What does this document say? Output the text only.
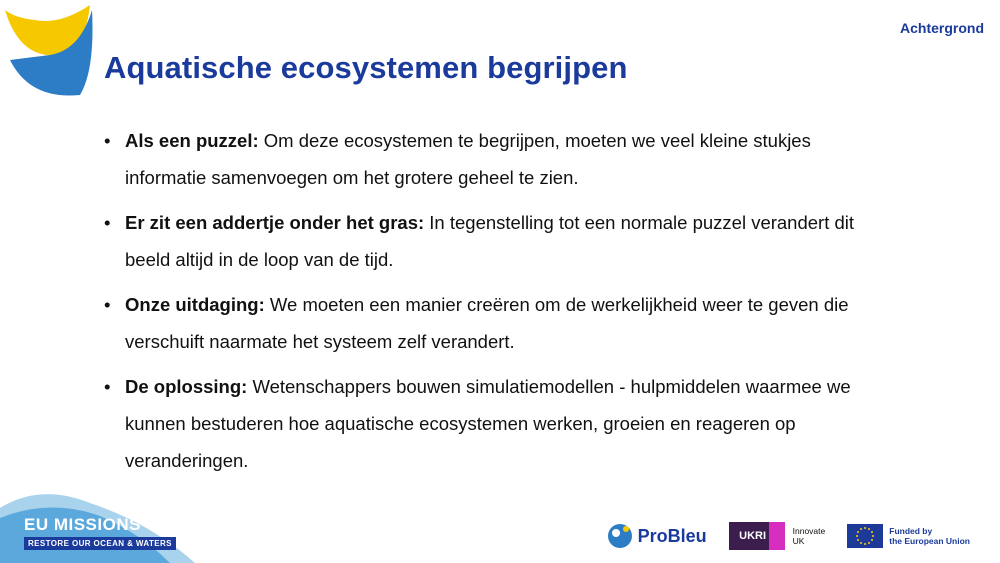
Achtergrond
Aquatische ecosystemen begrijpen
• Als een puzzel: Om deze ecosystemen te begrijpen, moeten we veel kleine stukjes informatie samenvoegen om het grotere geheel te zien.
• Er zit een addertje onder het gras: In tegenstelling tot een normale puzzel verandert dit beeld altijd in de loop van de tijd.
• Onze uitdaging: We moeten een manier creëren om de werkelijkheid weer te geven die verschuift naarmate het systeem zelf verandert.
• De oplossing: Wetenschappers bouwen simulatiemodellen - hulpmiddelen waarmee we kunnen bestuderen hoe aquatische ecosystemen werken, groeien en reageren op veranderingen.
EU MISSIONS
RESTORE OUR OCEAN & WATERS	ProBleu	UKRI	Innovate
UK
Funded by
the European Union
